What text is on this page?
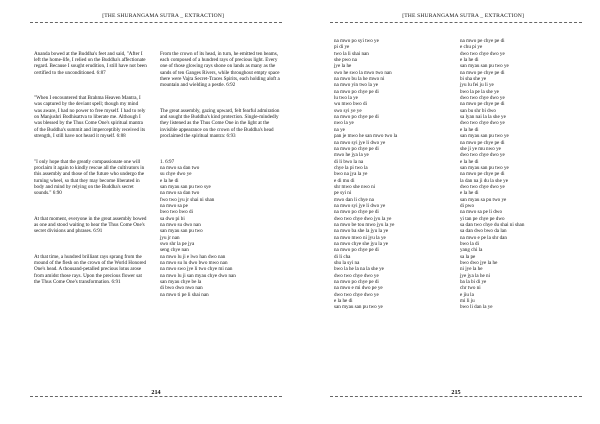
[THE SHURANGAMA SUTRA _ EXTRACTION]

Ananda bowed at the Buddha's feet and said, "After I left the home-life, I relied on the Buddha's affectionate regard. Because I sought erudition, I still have not been certified to the unconditioned. 6:87

"When I encountered that Brahma Heaven Mantra, I was captured by the deviant spell; though my mind was aware, I had no power to free myself. I had to rely on Manjushri Bodhisattva to liberate me. Although I was blessed by the Thus Come One's spiritual mantra of the Buddha's summit and imperceptibly received its strength, I still have not heard it myself. 6:88

"I only hope that the greatly compassionate one will proclaim it again to kindly rescue all the cultivators in this assembly and those of the future who undergo the turning wheel, so that they may become liberated in body and mind by relying on the Buddha's secret sounds." 6:90

At that moment, everyone in the great assembly bowed as one and stood waiting to hear the Thus Come One's secret divisions and phrases. 6:91

At that time, a hundred brilliant rays sprang from the mound of the flesh on the crown of the World Honored One's head. A thousand-petalled precious lotus arose from amidst those rays. Upon the precious flower sat the Thus Come One's transformation. 6:91

From the crown of its head, in turn, he emitted ten beams, each composed of a hundred rays of precious light. Every one of those glowing rays shone on lands as many as the sands of ten Ganges Rivers, while throughout empty space there were Vajra Secret-Traces Spirits, each holding aloft a mountain and wielding a pestle. 6:92

The great assembly, gazing upward, felt fearful admiration and sought the Buddha's kind protection. Single-mindedly they listened as the Thus Come One in the light at the invisible appearance on the crown of the Buddha's head proclaimed the spiritual mantra: 6:93

1. 6:97
na mwo sa dan two
su chye dwo ye
e la he di
san myau san pu two sye
na mwo sa dan two
fwo two jyu jr shai ni shan
na mwo sa pe
bwo two bwo di
sa dwo pi bi
na mwo su dwo nan
san myau san pu two
jyu jr nan
swo shr la pe jya
seng chye nan
na mwo lu ji e lwo han dwo nan
na mwo su lu dwo bwo mwo nan
na mwo swo jye li two chye mi nan
na mwo lu ji san myau chye dwo nan
san myau chye be la
di bwo dwo nwo nan
na mwo ti pe li shai nan

214
[THE SHURANGAMA SUTRA _ EXTRACTION]
na mwo po syi two ye
pi di ye
two la li shai nan
she pwo na
jye la he
swo he swo la mwo two nan
na mwo bu la he mwo ni
na mwo yin two la ye
na mwo po chye pe di
lu two la ye
wu mwo bwo di
swo syi ye ye
na mwo po chye pe di
nwo la ye
na ye
pan je mwo he san mwo two la
na mwo syi jye li dwo ye
na mwo po chye pe di
mwo he jya la ye
di li bwo la na
chye la pi two la
bwo na jya la ye
e di mu di
shr mwo she nwo ni
pe syi ni
mwo dan li chye na
na mwo syi jye li dwo ye
na mwo po chye pe di
dwo two chye dwo jyu la ye
na mwo be tou mwo jyu la ye
na mwo ba she la jyu la ye
na mwo mwo ni jyu la ye
na mwo chye she jyu la ye
na mwo po chye pe di
di li cha
shu la syi na
bwo la he la na la she ye
dwo two chye dwo ye
na mwo po chye pe di
na mwo e mi dwo pe ye
dwo two chye dwo ye
e la he di
san myau san pu two ye
na mwo pe chye pe di
e chu pi ye
dwo two chye dwo ye
e la he di
san myau san pu two ye
na mwo pe chye pe di
bi sha she ye
jyu lu fei ju li ye
bwo la pe la she ye
dwo two chye dwo ye
na mwo pe chye pe di
san bu shr bi dwo
sa lyan nai la la she ye
dwo two chye dwo ye
e la he di
san myau san pu two ye
na mwo pe chye pe di
she ji ye mu nwo ye
dwo two chye dwo ye
e la he di
san myau san pu two ye
na mwo pe chye pe di
la dan na ji du la she ye
dwo two chye dwo ye
e la he di
san myau sa pu two ye
di pwo
na mwo sa pe li dwo
yi tan pe chye pe dwo
sa dan two chye du shai ni shan
sa dan dwo bwo da lan
na mwo e pe la shr dan
bwo la di
yang chi la
sa la pe
bwo dwo jye la he
ni jye la he
jye jya la he ni
ba la bi di ye
chr two ni
e jiu la
mi li ju
bwo li dan la ye
215
